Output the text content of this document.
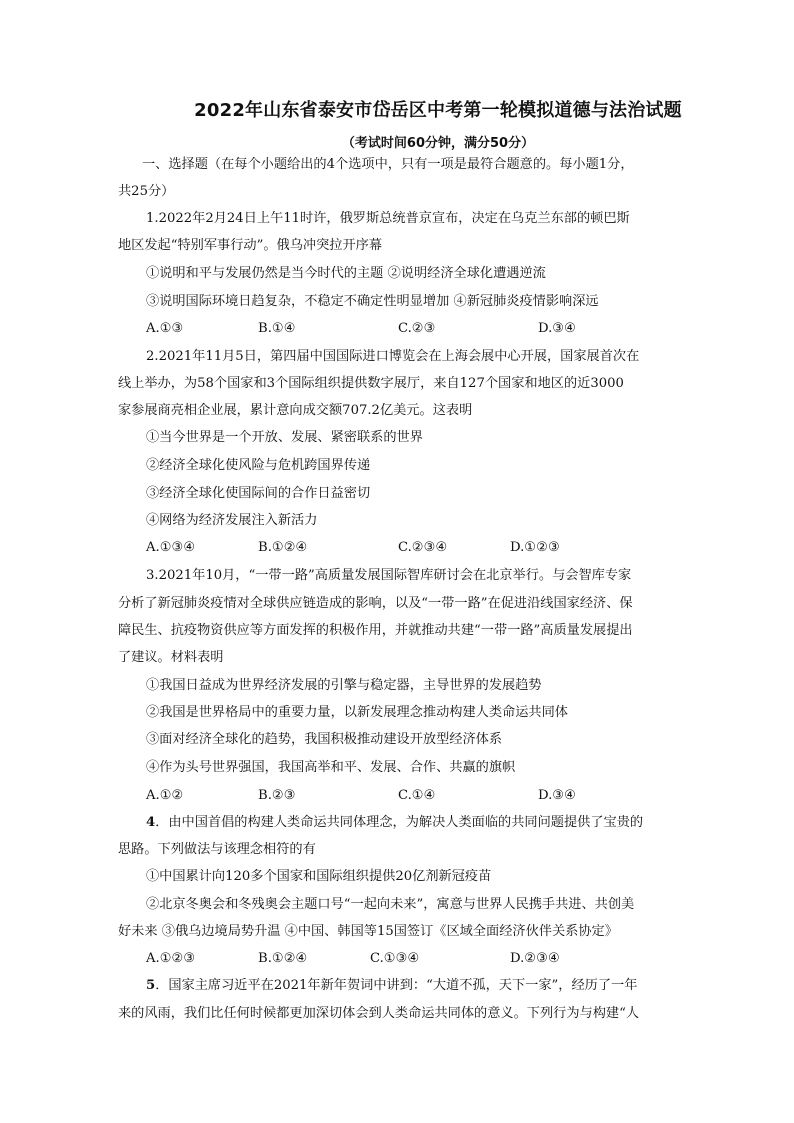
2022年山东省泰安市岱岳区中考第一轮模拟道德与法治试题
（考试时间60分钟，满分50分）
一、选择题（在每个小题给出的4个选项中，只有一项是最符合题意的。每小题1分，
共25分）
1.2022年2月24日上午11时许，俄罗斯总统普京宣布，决定在乌克兰东部的顿巴斯
地区发起“特别军事行动”。俄乌冲突拉开序幕
①说明和平与发展仍然是当今时代的主题 ②说明经济全球化遭遇逆流
③说明国际环境日趋复杂，不稳定不确定性明显增加 ④新冠肺炎疫情影响深远
A.①③	B.①④	C.②③	D.③④
2.2021年11月5日，第四届中国国际进口博览会在上海会展中心开展，国家展首次在
线上举办，为58个国家和3个国际组织提供数字展厅，来自127个国家和地区的近3000
家参展商亮相企业展，累计意向成交额707.2亿美元。这表明
①当今世界是一个开放、发展、紧密联系的世界
②经济全球化使风险与危机跨国界传递
③经济全球化使国际间的合作日益密切
④网络为经济发展注入新活力
A.①③④	B.①②④	C.②③④	D.①②③
3.2021年10月，“一带一路”高质量发展国际智库研讨会在北京举行。与会智库专家
分析了新冠肺炎疫情对全球供应链造成的影响，以及“一带一路”在促进沿线国家经济、保
障民生、抗疫物资供应等方面发挥的积极作用，并就推动共建“一带一路”高质量发展提出
了建议。材料表明
①我国日益成为世界经济发展的引擎与稳定器，主导世界的发展趋势
②我国是世界格局中的重要力量，以新发展理念推动构建人类命运共同体
③面对经济全球化的趋势，我国积极推动建设开放型经济体系
④作为头号世界强国，我国高举和平、发展、合作、共赢的旗帜
A.①②	B.②③	C.①④	D.③④
4．由中国首倡的构建人类命运共同体理念，为解决人类面临的共同问题提供了宝贵的
思路。下列做法与该理念相符的有
①中国累计向120多个国家和国际组织提供20亿剂新冠疫苗
②北京冬奥会和冬残奥会主题口号“一起向未来”，寓意与世界人民携手共进、共创美
好未来 ③俄乌边境局势升温 ④中国、韩国等15国签订《区域全面经济伙伴关系协定》
A.①②③	B.①②④	C.①③④	D.②③④
5．国家主席习近平在2021年新年贺词中讲到：“大道不孤，天下一家”，经历了一年
来的风雨，我们比任何时候都更加深切体会到人类命运共同体的意义。下列行为与构建“人
